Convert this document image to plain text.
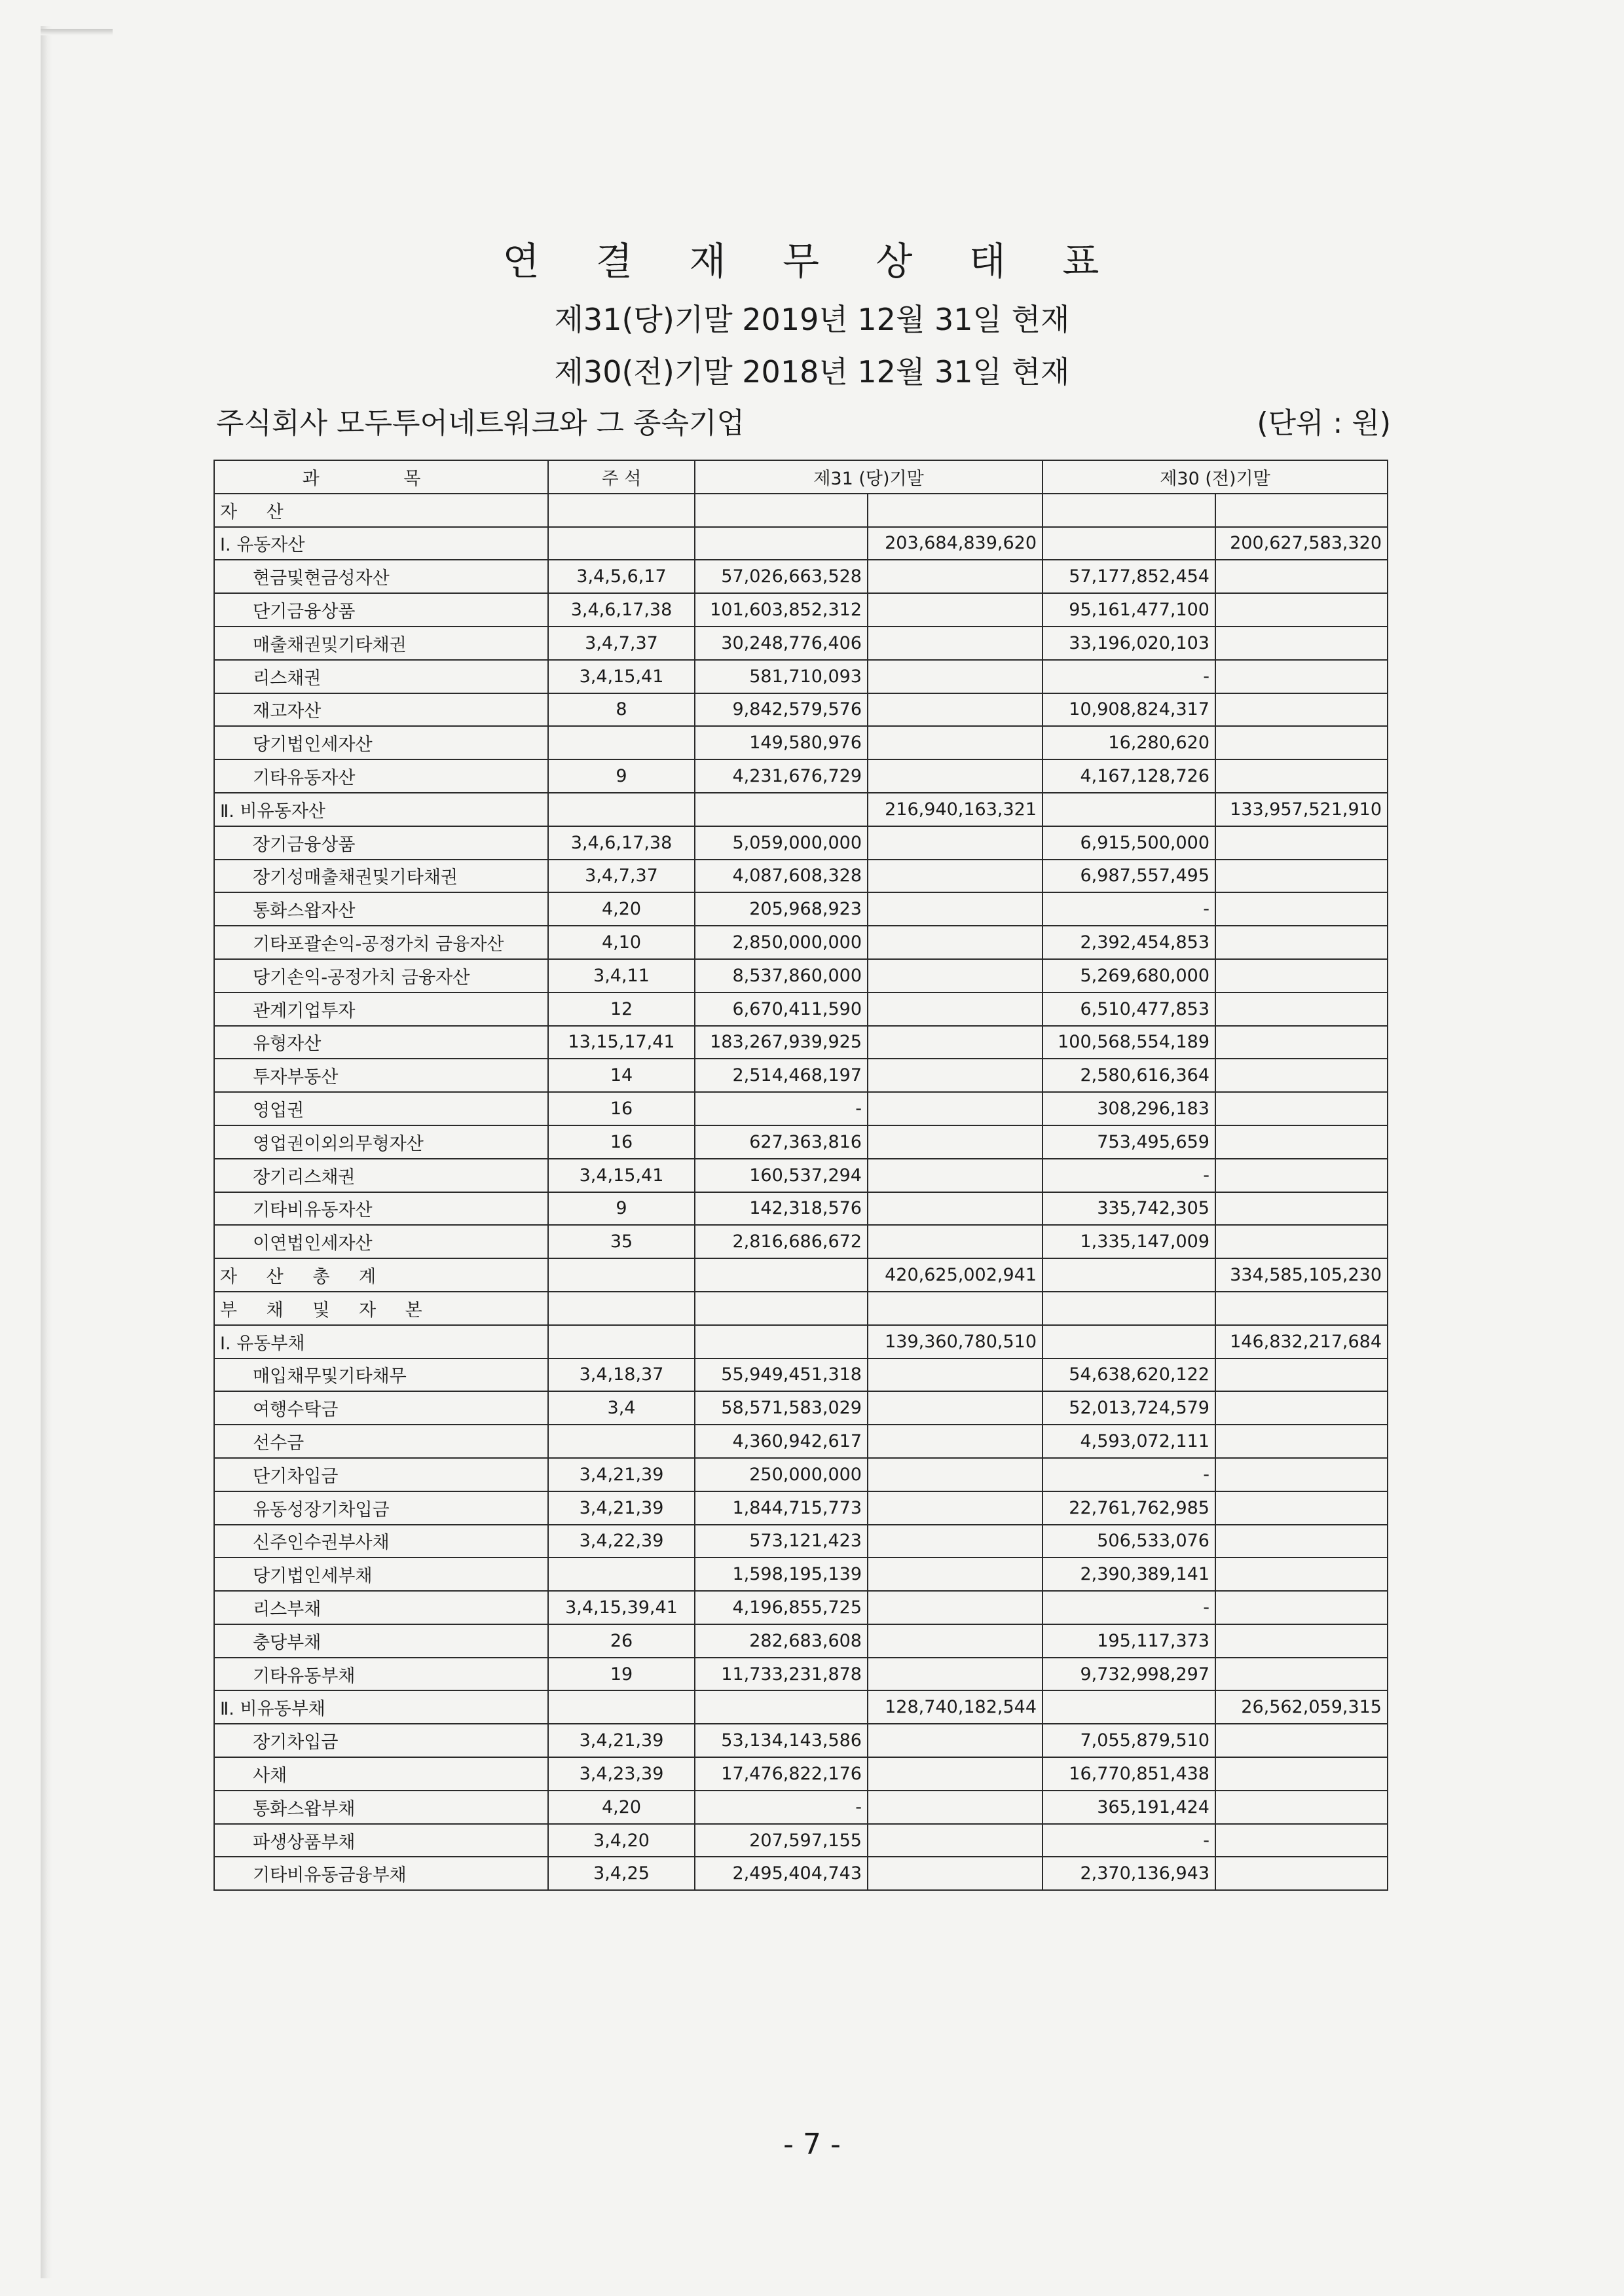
연 결 재 무 상 태 표
제31(당)기말 2019년 12월 31일 현재
제30(전)기말 2018년 12월 31일 현재
주식회사 모두투어네트워크와 그 종속기업	(단위 : 원)
과 목	주 석	제31 (당)기말		제30 (전)기말	
자 산					
Ⅰ. 유동자산			203,684,839,620		200,627,583,320
현금및현금성자산	3,4,5,6,17	57,026,663,528		57,177,852,454	
단기금융상품	3,4,6,17,38	101,603,852,312		95,161,477,100	
매출채권및기타채권	3,4,7,37	30,248,776,406		33,196,020,103	
리스채권	3,4,15,41	581,710,093		-	
재고자산	8	9,842,579,576		10,908,824,317	
당기법인세자산		149,580,976		16,280,620	
기타유동자산	9	4,231,676,729		4,167,128,726	
Ⅱ. 비유동자산			216,940,163,321		133,957,521,910
장기금융상품	3,4,6,17,38	5,059,000,000		6,915,500,000	
장기성매출채권및기타채권	3,4,7,37	4,087,608,328		6,987,557,495	
통화스왑자산	4,20	205,968,923		-	
기타포괄손익-공정가치 금융자산	4,10	2,850,000,000		2,392,454,853	
당기손익-공정가치 금융자산	3,4,11	8,537,860,000		5,269,680,000	
관계기업투자	12	6,670,411,590		6,510,477,853	
유형자산	13,15,17,41	183,267,939,925		100,568,554,189	
투자부동산	14	2,514,468,197		2,580,616,364	
영업권	16	-		308,296,183	
영업권이외의무형자산	16	627,363,816		753,495,659	
장기리스채권	3,4,15,41	160,537,294		-	
기타비유동자산	9	142,318,576		335,742,305	
이연법인세자산	35	2,816,686,672		1,335,147,009	
자 산 총 계			420,625,002,941		334,585,105,230
부 채 및 자 본					
Ⅰ. 유동부채			139,360,780,510		146,832,217,684
매입채무및기타채무	3,4,18,37	55,949,451,318		54,638,620,122	
여행수탁금	3,4	58,571,583,029		52,013,724,579	
선수금		4,360,942,617		4,593,072,111	
단기차입금	3,4,21,39	250,000,000		-	
유동성장기차입금	3,4,21,39	1,844,715,773		22,761,762,985	
신주인수권부사채	3,4,22,39	573,121,423		506,533,076	
당기법인세부채		1,598,195,139		2,390,389,141	
리스부채	3,4,15,39,41	4,196,855,725		-	
충당부채	26	282,683,608		195,117,373	
기타유동부채	19	11,733,231,878		9,732,998,297	
Ⅱ. 비유동부채			128,740,182,544		26,562,059,315
장기차입금	3,4,21,39	53,134,143,586		7,055,879,510	
사채	3,4,23,39	17,476,822,176		16,770,851,438	
통화스왑부채	4,20	-		365,191,424	
파생상품부채	3,4,20	207,597,155		-	
기타비유동금융부채	3,4,25	2,495,404,743		2,370,136,943	
- 7 -
